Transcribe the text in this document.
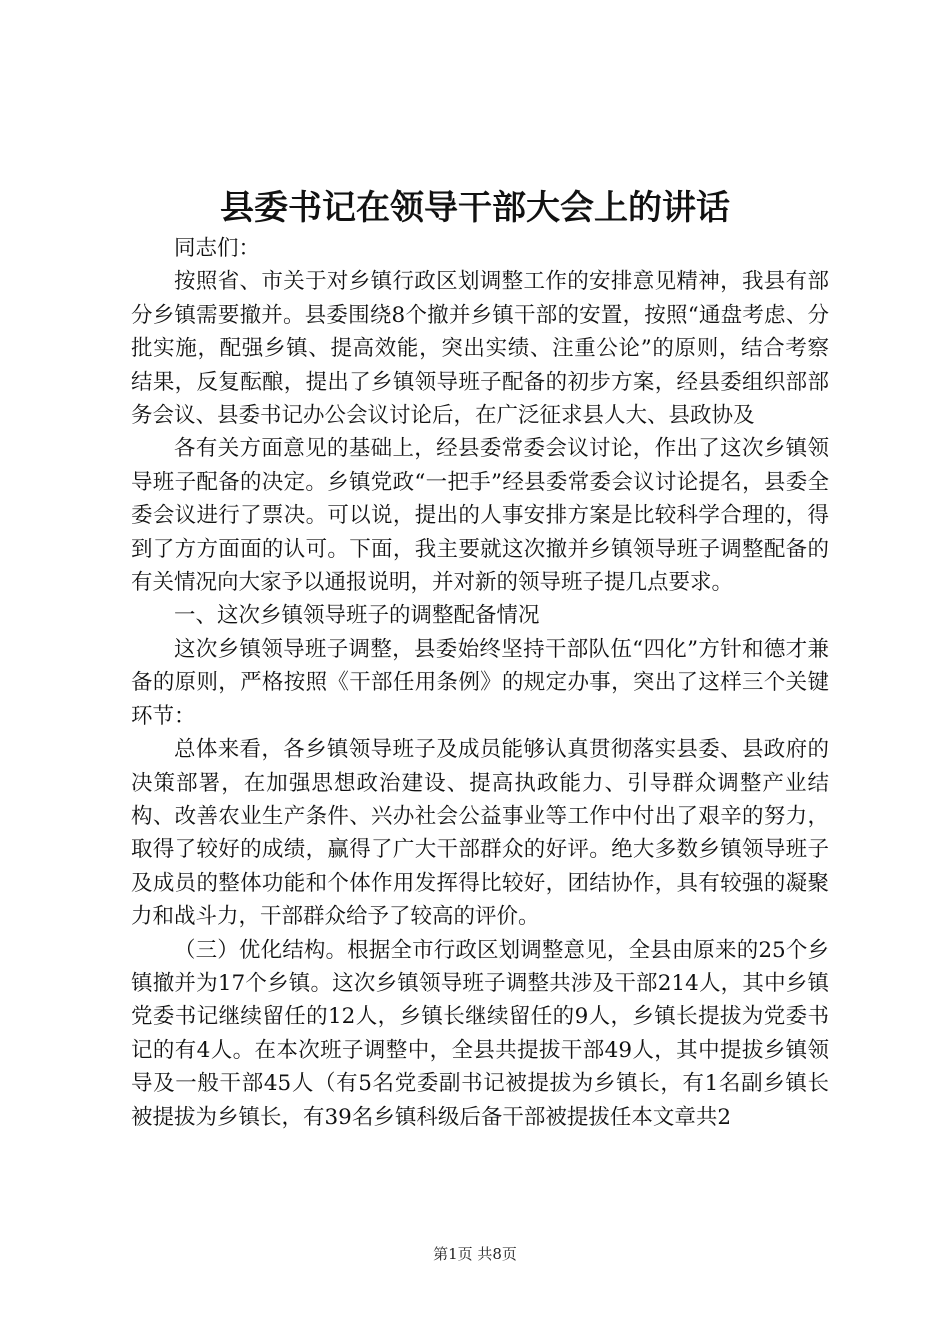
县委书记在领导干部大会上的讲话

同志们：

按照省、市关于对乡镇行政区划调整工作的安排意见精神，我县有部分乡镇需要撤并。县委围绕8个撤并乡镇干部的安置，按照“通盘考虑、分批实施，配强乡镇、提高效能，突出实绩、注重公论”的原则，结合考察结果，反复酝酿，提出了乡镇领导班子配备的初步方案，经县委组织部部务会议、县委书记办公会议讨论后，在广泛征求县人大、县政协及

各有关方面意见的基础上，经县委常委会议讨论，作出了这次乡镇领导班子配备的决定。乡镇党政“一把手”经县委常委会议讨论提名，县委全委会议进行了票决。可以说，提出的人事安排方案是比较科学合理的，得到了方方面面的认可。下面，我主要就这次撤并乡镇领导班子调整配备的有关情况向大家予以通报说明，并对新的领导班子提几点要求。

一、这次乡镇领导班子的调整配备情况

这次乡镇领导班子调整，县委始终坚持干部队伍“四化”方针和德才兼备的原则，严格按照《干部任用条例》的规定办事，突出了这样三个关键环节：

总体来看，各乡镇领导班子及成员能够认真贯彻落实县委、县政府的决策部署，在加强思想政治建设、提高执政能力、引导群众调整产业结构、改善农业生产条件、兴办社会公益事业等工作中付出了艰辛的努力，取得了较好的成绩，赢得了广大干部群众的好评。绝大多数乡镇领导班子及成员的整体功能和个体作用发挥得比较好，团结协作，具有较强的凝聚力和战斗力，干部群众给予了较高的评价。

（三）优化结构。根据全市行政区划调整意见，全县由原来的25个乡镇撤并为17个乡镇。这次乡镇领导班子调整共涉及干部214人，其中乡镇党委书记继续留任的12人，乡镇长继续留任的9人，乡镇长提拔为党委书记的有4人。在本次班子调整中，全县共提拔干部49人，其中提拔乡镇领导及一般干部45人（有5名党委副书记被提拔为乡镇长，有1名副乡镇长被提拔为乡镇长，有39名乡镇科级后备干部被提拔任本文章共2

第1页 共8页
